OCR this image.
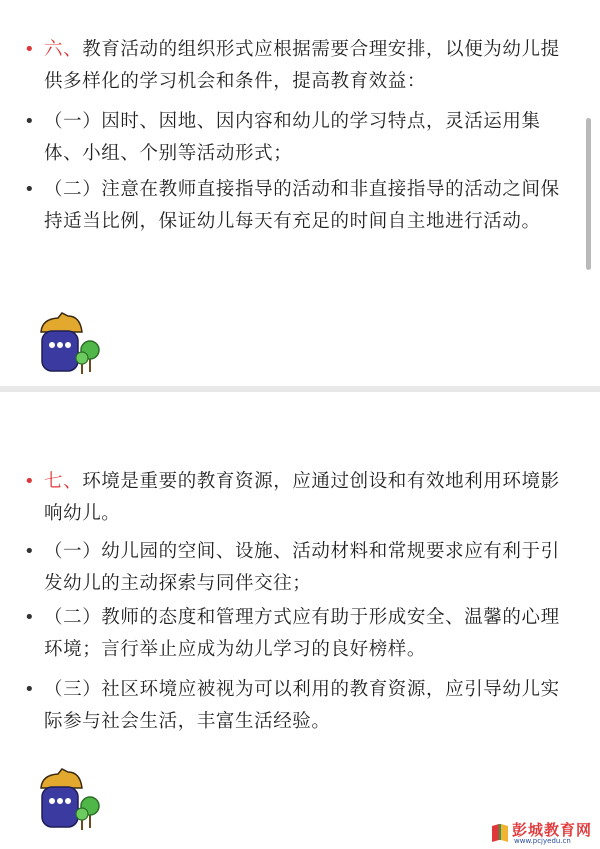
• 六、教育活动的组织形式应根据需要合理安排，以便为幼儿提供多样化的学习机会和条件，提高教育效益：
• （一）因时、因地、因内容和幼儿的学习特点，灵活运用集体、小组、个别等活动形式；
• （二）注意在教师直接指导的活动和非直接指导的活动之间保持适当比例，保证幼儿每天有充足的时间自主地进行活动。
• 七、环境是重要的教育资源，应通过创设和有效地利用环境影响幼儿。
• （一）幼儿园的空间、设施、活动材料和常规要求应有利于引发幼儿的主动探索与同伴交往；
• （二）教师的态度和管理方式应有助于形成安全、温馨的心理环境；言行举止应成为幼儿学习的良好榜样。
• （三）社区环境应被视为可以利用的教育资源，应引导幼儿实际参与社会生活，丰富生活经验。
彭城教育网
www.pcjyedu.cn
